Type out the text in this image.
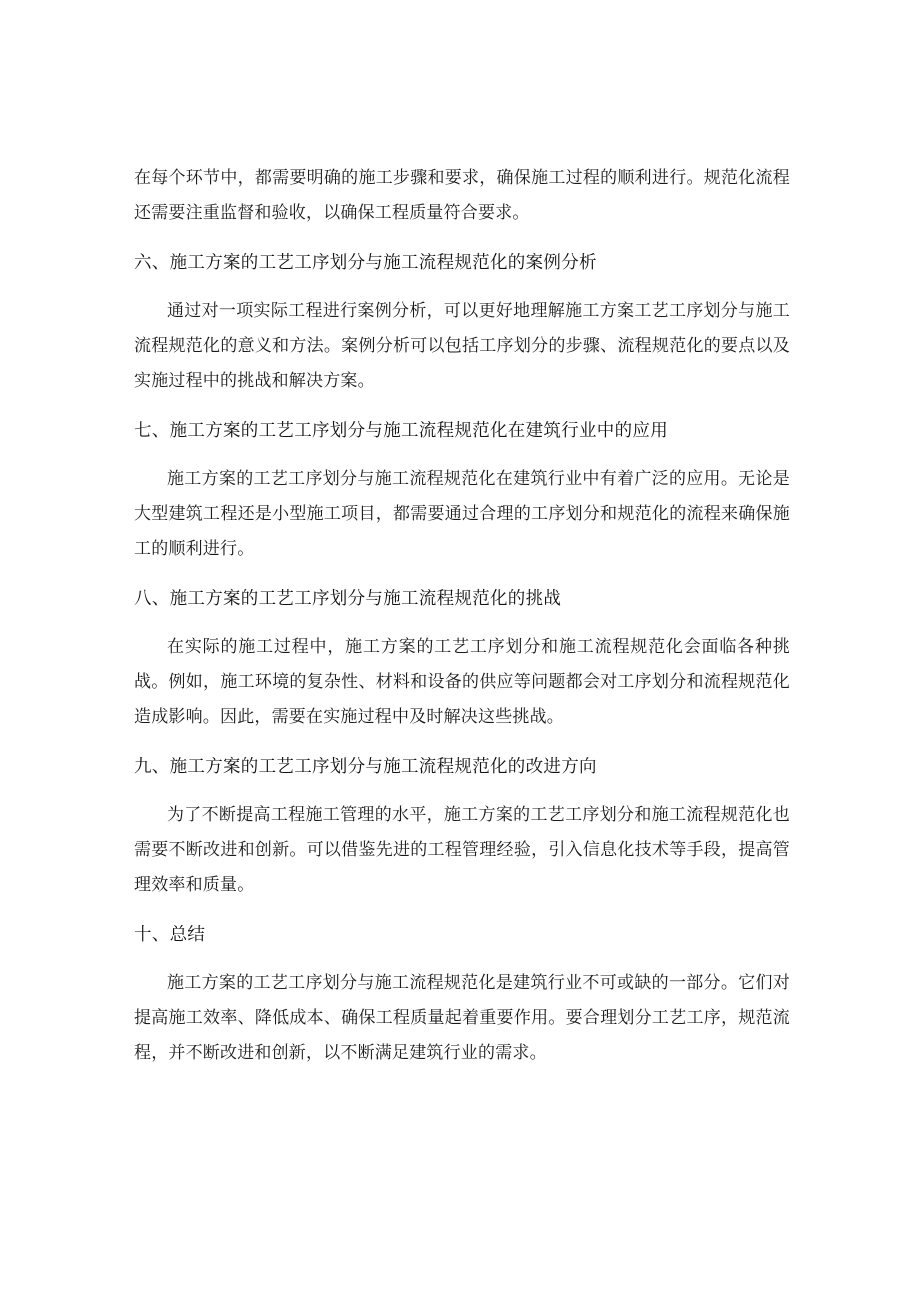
在每个环节中，都需要明确的施工步骤和要求，确保施工过程的顺利进行。规范化流程还需要注重监督和验收，以确保工程质量符合要求。

六、施工方案的工艺工序划分与施工流程规范化的案例分析

通过对一项实际工程进行案例分析，可以更好地理解施工方案工艺工序划分与施工流程规范化的意义和方法。案例分析可以包括工序划分的步骤、流程规范化的要点以及实施过程中的挑战和解决方案。

七、施工方案的工艺工序划分与施工流程规范化在建筑行业中的应用

施工方案的工艺工序划分与施工流程规范化在建筑行业中有着广泛的应用。无论是大型建筑工程还是小型施工项目，都需要通过合理的工序划分和规范化的流程来确保施工的顺利进行。

八、施工方案的工艺工序划分与施工流程规范化的挑战

在实际的施工过程中，施工方案的工艺工序划分和施工流程规范化会面临各种挑战。例如，施工环境的复杂性、材料和设备的供应等问题都会对工序划分和流程规范化造成影响。因此，需要在实施过程中及时解决这些挑战。

九、施工方案的工艺工序划分与施工流程规范化的改进方向

为了不断提高工程施工管理的水平，施工方案的工艺工序划分和施工流程规范化也需要不断改进和创新。可以借鉴先进的工程管理经验，引入信息化技术等手段，提高管理效率和质量。

十、总结

施工方案的工艺工序划分与施工流程规范化是建筑行业不可或缺的一部分。它们对提高施工效率、降低成本、确保工程质量起着重要作用。要合理划分工艺工序，规范流程，并不断改进和创新，以不断满足建筑行业的需求。
